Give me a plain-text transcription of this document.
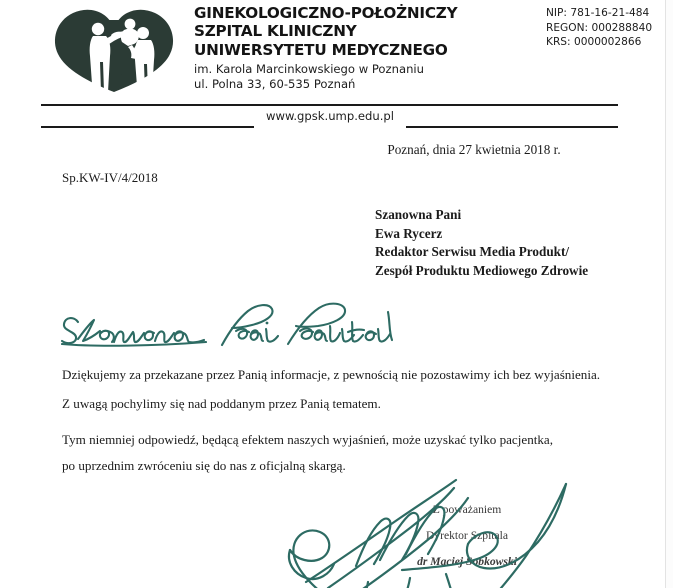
GINEKOLOGICZNO-POŁOŻNICZY
SZPITAL KLINICZNY
UNIWERSYTETU MEDYCZNEGO
im. Karola Marcinkowskiego w Poznaniu
ul. Polna 33, 60-535 Poznań
NIP: 781-16-21-484
REGON: 000288840
KRS: 0000002866
www.gpsk.ump.edu.pl
Poznań, dnia 27 kwietnia 2018 r.
Sp.KW-IV/4/2018
Szanowna Pani
Ewa Rycerz
Redaktor Serwisu Media Produkt/
Zespół Produktu Mediowego Zdrowie

Dziękujemy za przekazane przez Panią informacje, z pewnością nie pozostawimy ich bez wyjaśnienia.

Z uwagą pochylimy się nad poddanym przez Panią tematem.

Tym niemniej odpowiedź, będącą efektem naszych wyjaśnień, może uzyskać tylko pacjentka,

po uprzednim zwróceniu się do nas z oficjalną skargą.

Z poważaniem
Dyrektor Szpitala
dr Maciej Sobkowski
